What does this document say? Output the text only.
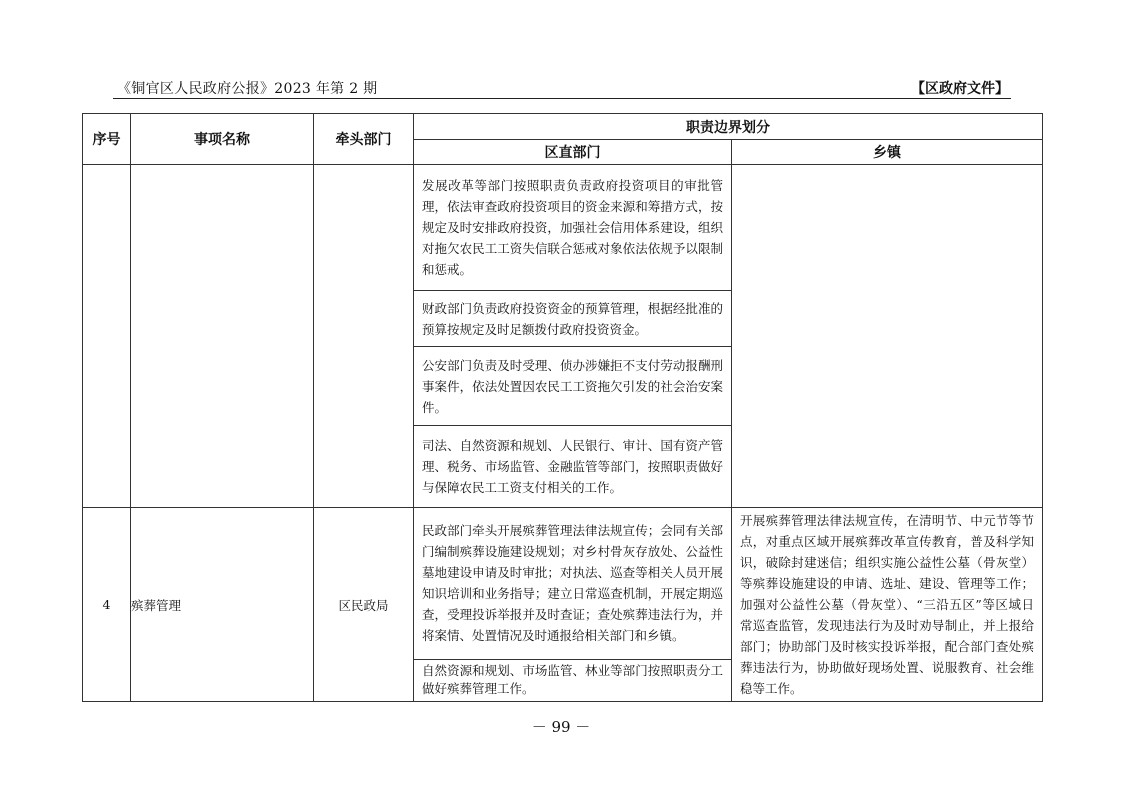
《铜官区人民政府公报》2023 年第 2 期	【区政府文件】
序号	事项名称	牵头部门	职责边界划分	
			区直部门	乡镇

			发展改革等部门按照职责负责政府投资项目的审批管理，依法审查政府投资项目的资金来源和筹措方式，按规定及时安排政府投资，加强社会信用体系建设，组织对拖欠农民工工资失信联合惩戒对象依法依规予以限制和惩戒。	

			财政部门负责政府投资资金的预算管理，根据经批准的预算按规定及时足额拨付政府投资资金。	

			公安部门负责及时受理、侦办涉嫌拒不支付劳动报酬刑事案件，依法处置因农民工工资拖欠引发的社会治安案件。	

			司法、自然资源和规划、人民银行、审计、国有资产管理、税务、市场监管、金融监管等部门，按照职责做好与保障农民工工资支付相关的工作。	

4	殡葬管理	区民政局	民政部门牵头开展殡葬管理法律法规宣传；会同有关部门编制殡葬设施建设规划；对乡村骨灰存放处、公益性墓地建设申请及时审批；对执法、巡查等相关人员开展知识培训和业务指导；建立日常巡查机制，开展定期巡查，受理投诉举报并及时查证；查处殡葬违法行为，并将案情、处置情况及时通报给相关部门和乡镇。	开展殡葬管理法律法规宣传，在清明节、中元节等节点，对重点区域开展殡葬改革宣传教育，普及科学知识，破除封建迷信；组织实施公益性公墓（骨灰堂）等殡葬设施建设的申请、选址、建设、管理等工作；加强对公益性公墓（骨灰堂）、“三沿五区”等区域日常巡查监管，发现违法行为及时劝导制止，并上报给部门；协助部门及时核实投诉举报，配合部门查处殡葬违法行为，协助做好现场处置、说服教育、社会维稳等工作。

			自然资源和规划、市场监管、林业等部门按照职责分工做好殡葬管理工作。	
－ 99 －
